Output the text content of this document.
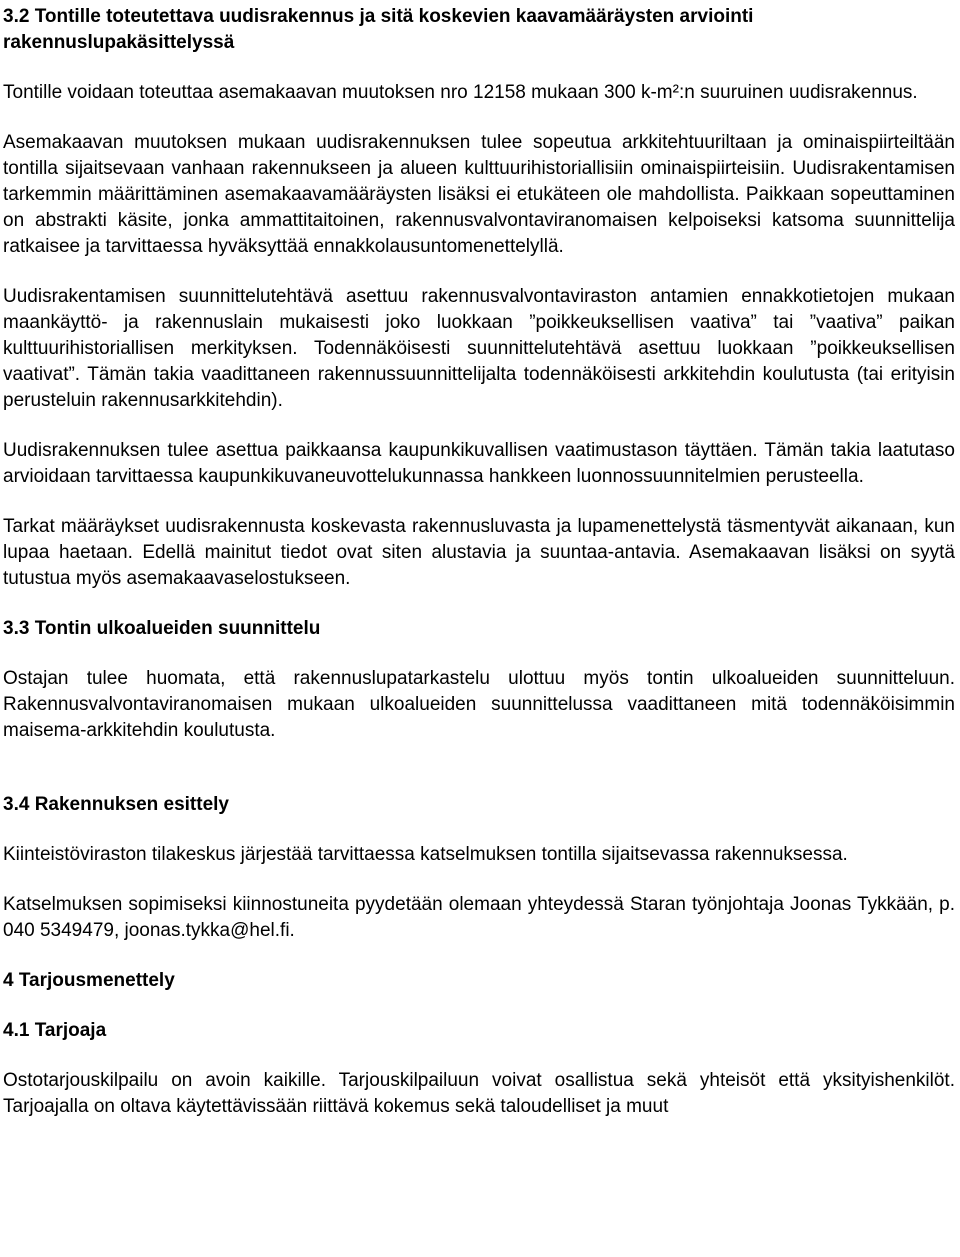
3.2 Tontille toteutettava uudisrakennus ja sitä koskevien kaavamääräysten arviointi rakennuslupakäsittelyssä

Tontille voidaan toteuttaa asemakaavan muutoksen nro 12158 mukaan 300 k-m²:n suuruinen uudisrakennus.

Asemakaavan muutoksen mukaan uudisrakennuksen tulee sopeutua arkkitehtuuriltaan ja ominaispiirteiltään tontilla sijaitsevaan vanhaan rakennukseen ja alueen kulttuurihistoriallisiin ominaispiirteisiin. Uudisrakentamisen tarkemmin määrittäminen asemakaavamääräysten lisäksi ei etukäteen ole mahdollista. Paikkaan sopeuttaminen on abstrakti käsite, jonka ammattitaitoinen, rakennusvalvontaviranomaisen kelpoiseksi katsoma suunnittelija ratkaisee ja tarvittaessa hyväksyttää ennakkolausuntomenettelyllä.

Uudisrakentamisen suunnittelutehtävä asettuu rakennusvalvontaviraston antamien ennakkotietojen mukaan maankäyttö- ja rakennuslain mukaisesti joko luokkaan ”poikkeuksellisen vaativa” tai ”vaativa” paikan kulttuurihistoriallisen merkityksen. Todennäköisesti suunnittelutehtävä asettuu luokkaan ”poikkeuksellisen vaativat”. Tämän takia vaadittaneen rakennussuunnittelijalta todennäköisesti arkkitehdin koulutusta (tai erityisin perusteluin rakennusarkkitehdin).

Uudisrakennuksen tulee asettua paikkaansa kaupunkikuvallisen vaatimustason täyttäen. Tämän takia laatutaso arvioidaan tarvittaessa kaupunkikuvaneuvottelukunnassa hankkeen luonnossuunnitelmien perusteella.

Tarkat määräykset uudisrakennusta koskevasta rakennusluvasta ja lupamenettelystä täsmentyvät aikanaan, kun lupaa haetaan. Edellä mainitut tiedot ovat siten alustavia ja suuntaa-antavia. Asemakaavan lisäksi on syytä tutustua myös asemakaavaselostukseen.

3.3 Tontin ulkoalueiden suunnittelu

Ostajan tulee huomata, että rakennuslupatarkastelu ulottuu myös tontin ulkoalueiden suunnitteluun. Rakennusvalvontaviranomaisen mukaan ulkoalueiden suunnittelussa vaadittaneen mitä todennäköisimmin maisema-arkkitehdin koulutusta.

3.4 Rakennuksen esittely

Kiinteistöviraston tilakeskus järjestää tarvittaessa katselmuksen tontilla sijaitsevassa rakennuksessa.

Katselmuksen sopimiseksi kiinnostuneita pyydetään olemaan yhteydessä Staran työnjohtaja Joonas Tykkään, p. 040 5349479, joonas.tykka@hel.fi.

4 Tarjousmenettely
4.1 Tarjoaja

Ostotarjouskilpailu on avoin kaikille. Tarjouskilpailuun voivat osallistua sekä yhteisöt että yksityishenkilöt. Tarjoajalla on oltava käytettävissään riittävä kokemus sekä taloudelliset ja muut
